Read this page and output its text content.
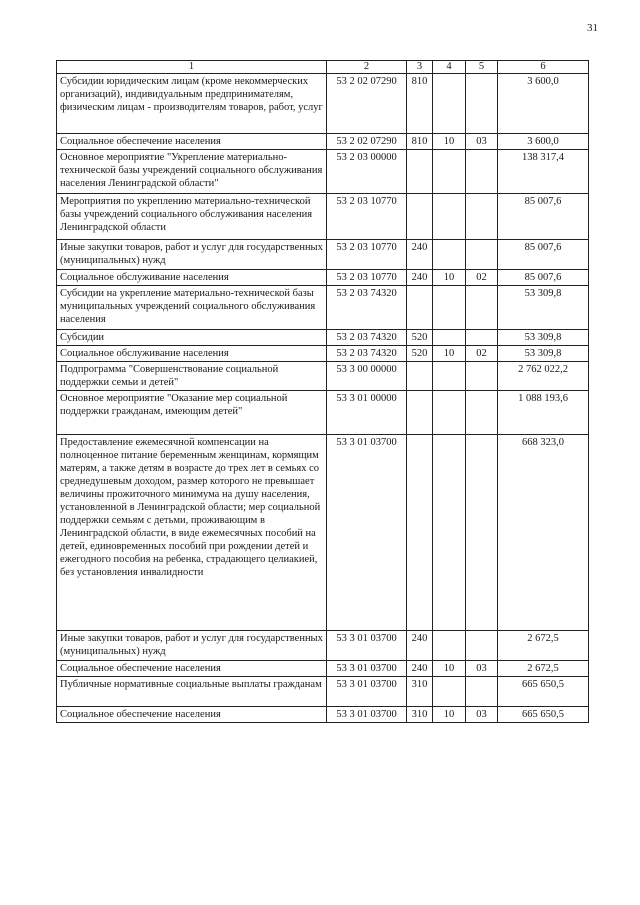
31
1	2	3	4	5	6
Субсидии юридическим лицам (кроме некоммерческих организаций), индивидуальным предпринимателям, физическим лицам - производителям товаров, работ, услуг	53 2 02 07290	810			3 600,0
Социальное обеспечение населения	53 2 02 07290	810	10	03	3 600,0
Основное мероприятие "Укрепление материально-технической базы учреждений социального обслуживания населения Ленинградской области"	53 2 03 00000				138 317,4
Мероприятия по укреплению материально-технической базы учреждений социального обслуживания населения Ленинградской области	53 2 03 10770				85 007,6
Иные закупки товаров, работ и услуг для государственных (муниципальных) нужд	53 2 03 10770	240			85 007,6
Социальное обслуживание населения	53 2 03 10770	240	10	02	85 007,6
Субсидии на укрепление материально-технической базы муниципальных учреждений социального обслуживания населения	53 2 03 74320				53 309,8
Субсидии	53 2 03 74320	520			53 309,8
Социальное обслуживание населения	53 2 03 74320	520	10	02	53 309,8
Подпрограмма "Совершенствование социальной поддержки семьи и детей"	53 3 00 00000				2 762 022,2
Основное мероприятие "Оказание мер социальной поддержки гражданам, имеющим детей"	53 3 01 00000				1 088 193,6
Предоставление ежемесячной компенсации на полноценное питание беременным женщинам, кормящим матерям, а также детям в возрасте до трех лет в семьях со среднедушевым доходом, размер которого не превышает величины прожиточного минимума на душу населения, установленной в Ленинградской области; мер социальной поддержки семьям с детьми, проживающим в Ленинградской области, в виде ежемесячных пособий на детей, единовременных пособий при рождении детей и ежегодного пособия на ребенка, страдающего целиакией, без установления инвалидности	53 3 01 03700				668 323,0
Иные закупки товаров, работ и услуг для государственных (муниципальных) нужд	53 3 01 03700	240			2 672,5
Социальное обеспечение населения	53 3 01 03700	240	10	03	2 672,5
Публичные нормативные социальные выплаты гражданам	53 3 01 03700	310			665 650,5
Социальное обеспечение населения	53 3 01 03700	310	10	03	665 650,5
